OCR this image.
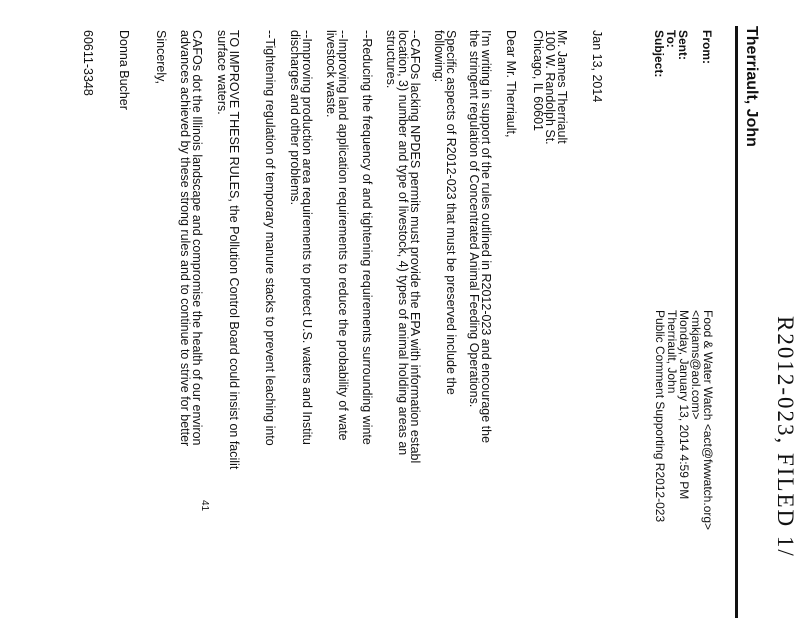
R2012-023, FILED 1/
Therriault, John
From:
Sent:
To:
Subject:
Food & Water Watch <act@fwwatch.org>
<mkjams@aol.com>
Monday, January 13, 2014 4:59 PM
Therriault, John
Public Comment Supporting R2012-023
Jan 13, 2014
Mr. James Therriault
100 W. Randolph St.
Chicago, IL 60601
Dear Mr. Therriault,
I'm writing in support of the rules outlined in R2012-023 and encourage the
the stringent regulation of Concentrated Animal Feeding Operations.
Specific aspects of R2012-023 that must be preserved include the
following:
--CAFOs lacking NPDES permits must provide the EPA with information establ
location, 3) number and type of livestock, 4) types of animal holding areas an
structures.
--Reducing the frequency of and tightening requirements surrounding winte
--Improving land application requirements to reduce the probability of wate
livestock waste.
--Improving production area requirements to protect U.S. waters and Institu
discharges and other problems.
--Tightening regulation of temporary manure stacks to prevent leaching into
TO IMPROVE THESE RULES, the Pollution Control Board could insist on facilit
surface waters.
CAFOs dot the Illinois landscape and compromise the health of our environ
advances achieved by these strong rules and to continue to strive for better
Sincerely,
Donna Bucher
60611-3348
41
